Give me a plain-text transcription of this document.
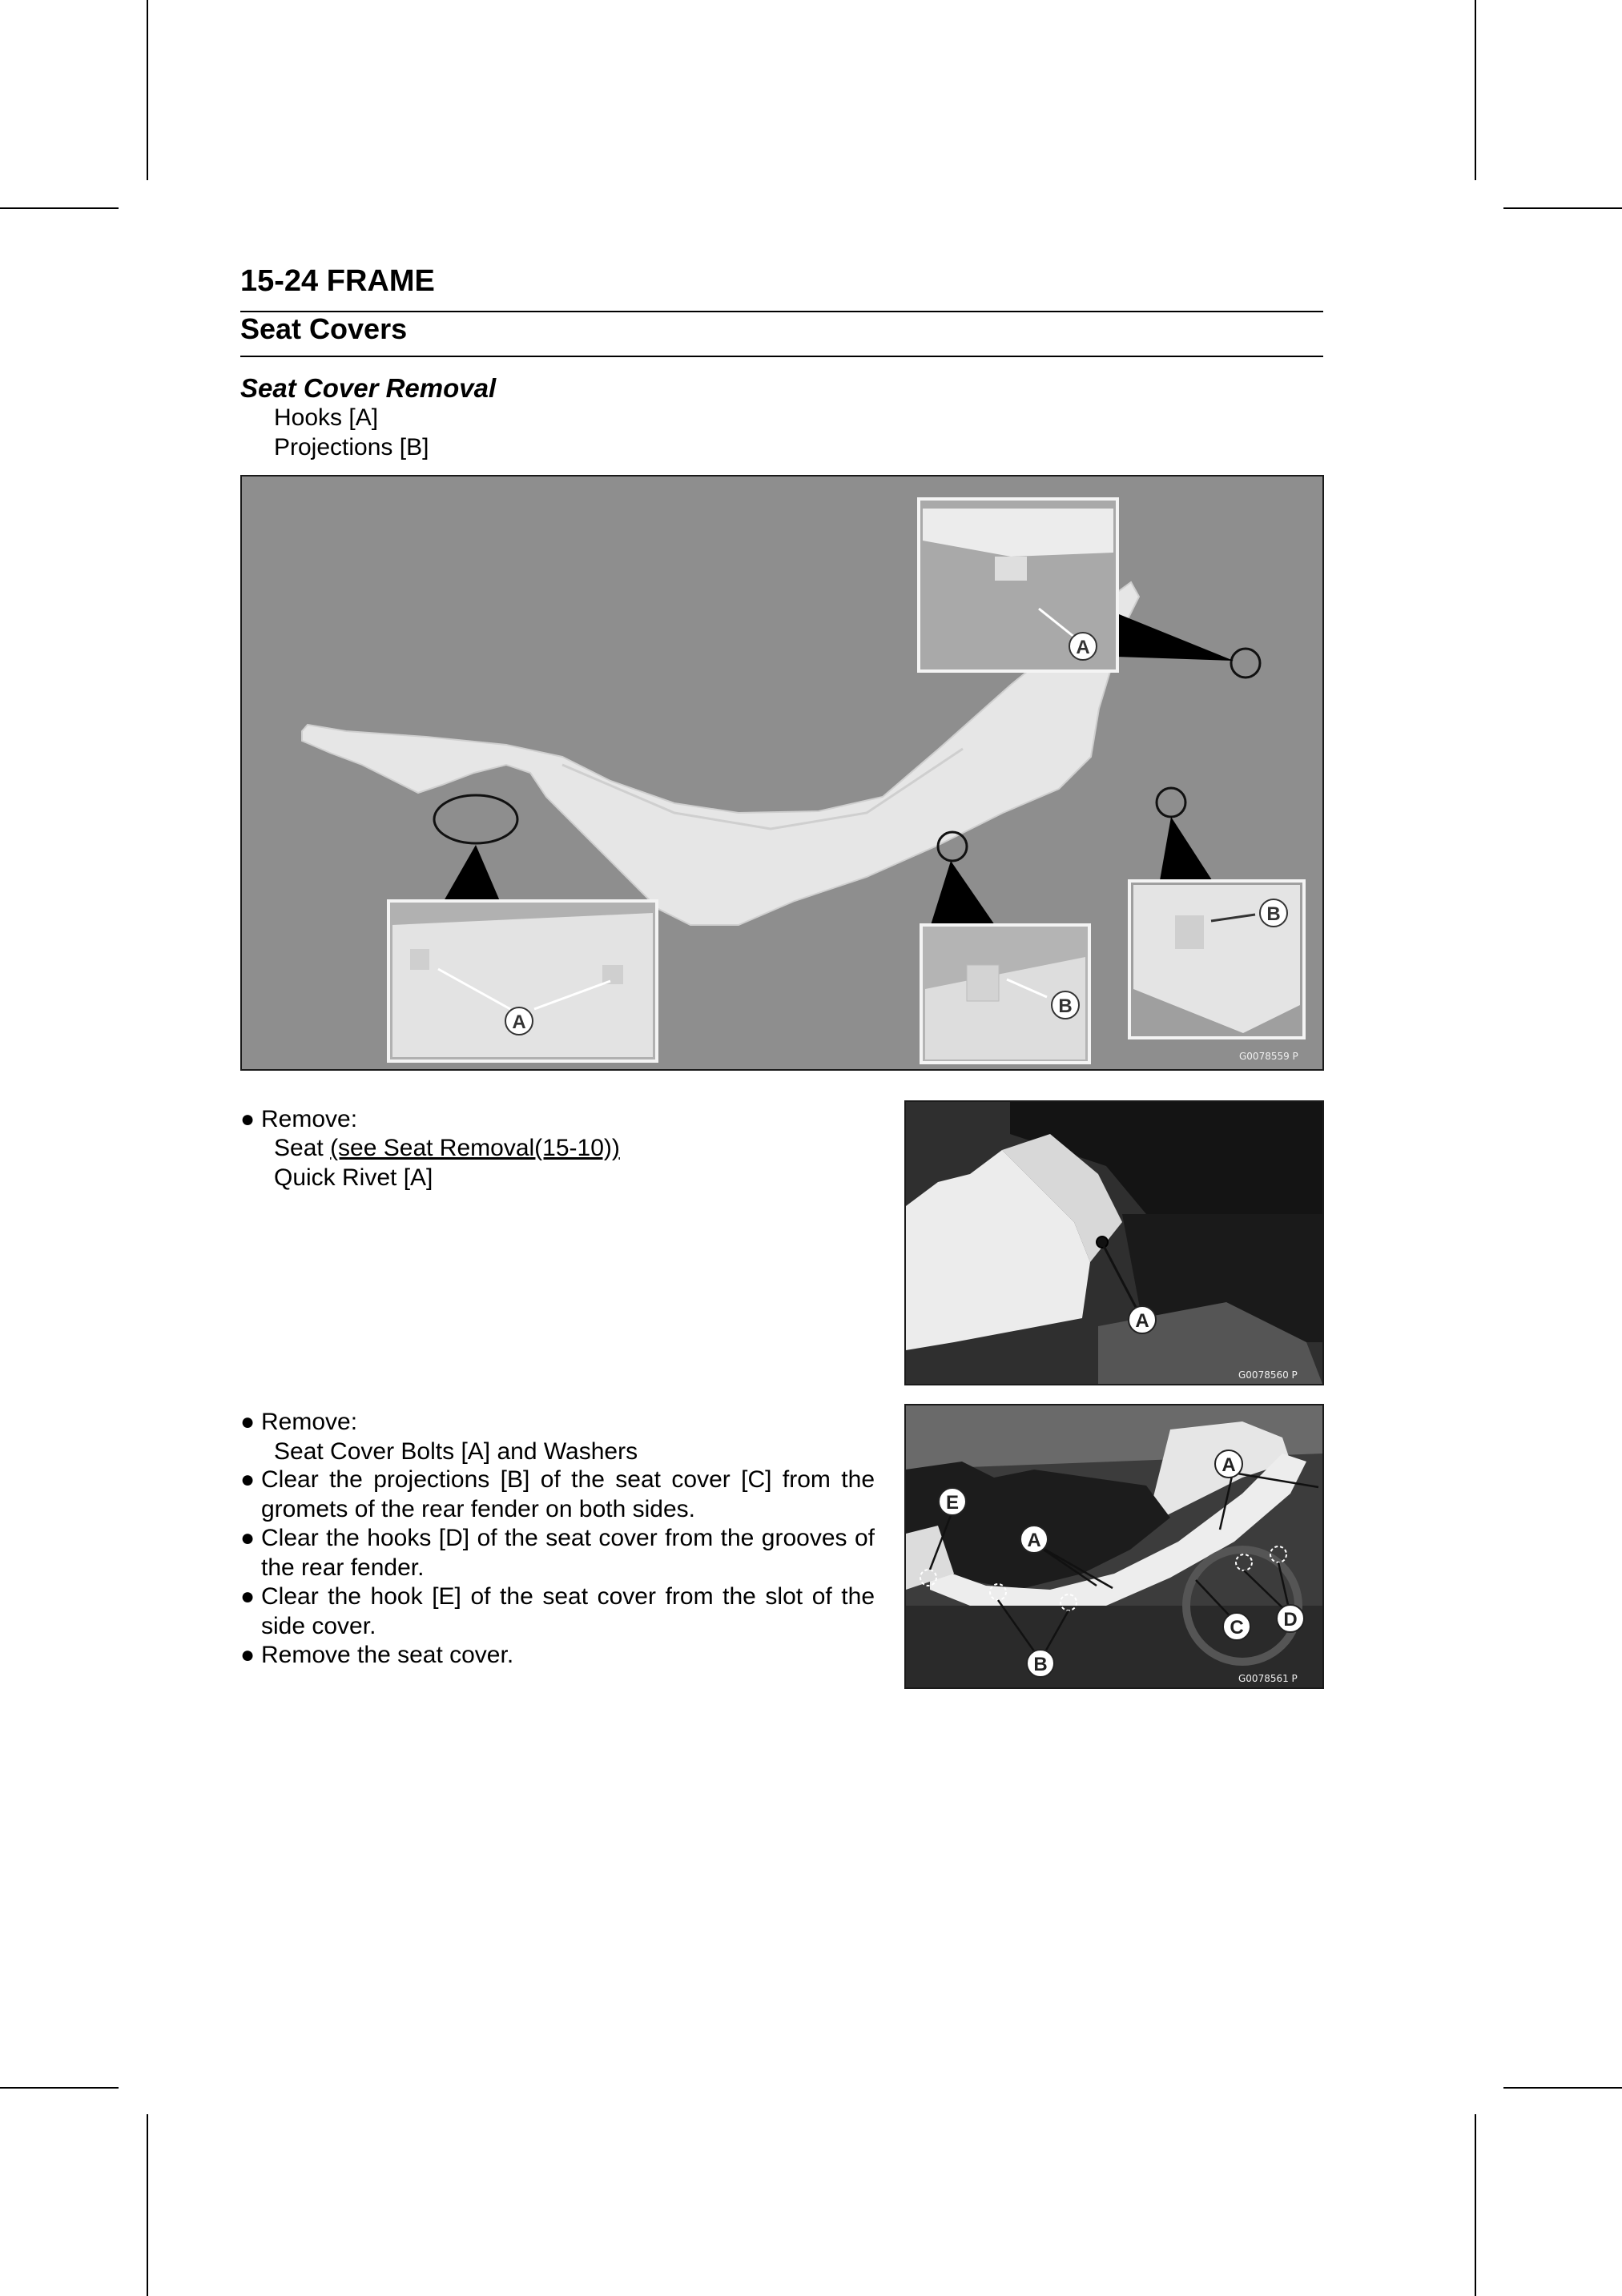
15-24 FRAME
Seat Covers
Seat Cover Removal
Hooks [A]
Projections [B]
A
A
B
B
G0078559 P
● Remove:
Seat (see Seat Removal(15-10))
Quick Rivet [A]
A
G0078560 P
● Remove:
Seat Cover Bolts [A] and Washers
● Clear the projections [B] of the seat cover [C] from the gromets of the rear fender on both sides.
● Clear the hooks [D] of the seat cover from the grooves of the rear fender.
● Clear the hook [E] of the seat cover from the slot of the side cover.
● Remove the seat cover.
A
A
B
C D
E
G0078561 P
